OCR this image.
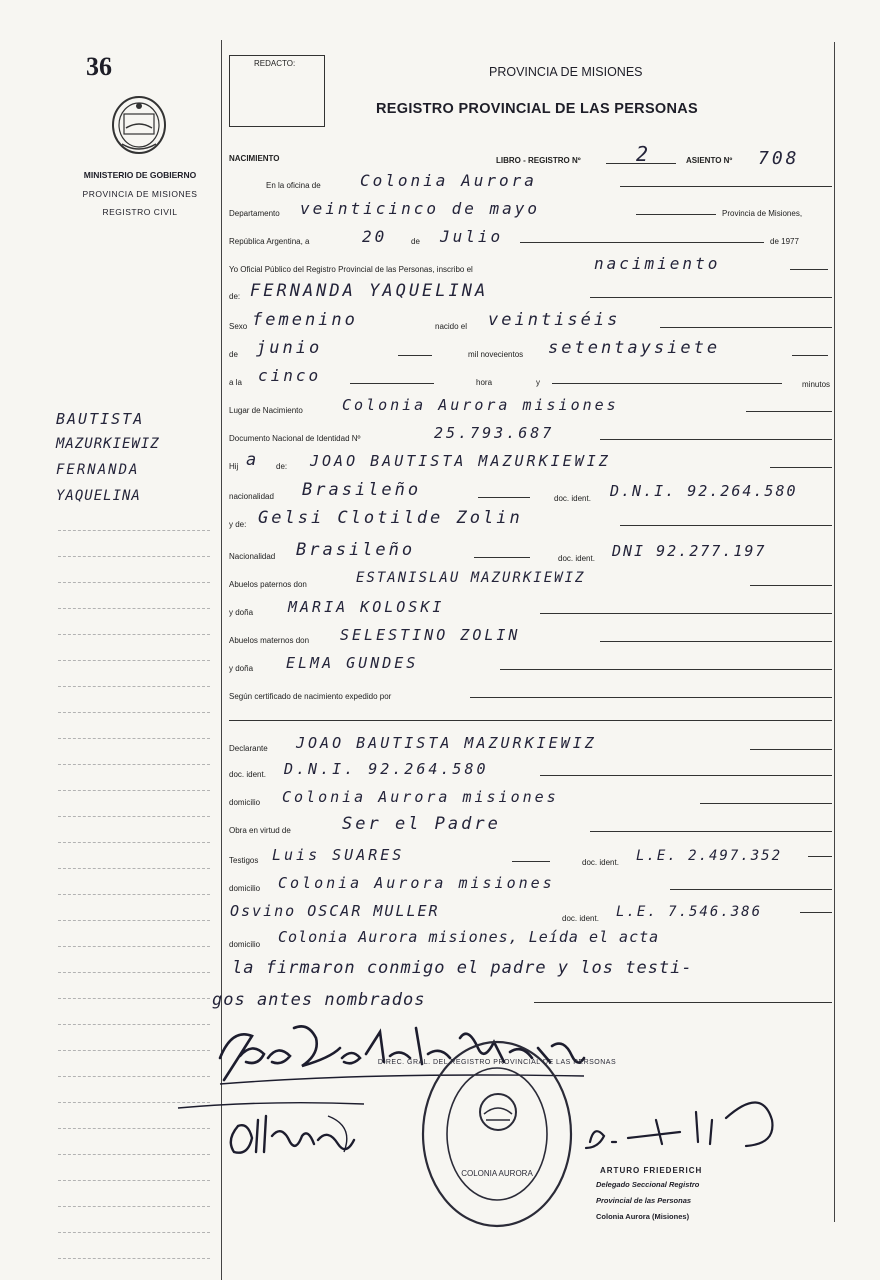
36
MINISTERIO DE GOBIERNO
PROVINCIA DE MISIONES
REGISTRO CIVIL
BAUTISTA
MAZURKIEWIZ
FERNANDA
YAQUELINA
REDACTO:
PROVINCIA DE MISIONES
REGISTRO PROVINCIAL DE LAS PERSONAS
NACIMIENTO	LIBRO - REGISTRO Nº	2	ASIENTO Nº 708
En la oficina de Colonia Aurora
Departamento veinticinco de mayo	Provincia de Misiones,
República Argentina, a	20	de Julio	de 1977
Yo Oficial Público del Registro Provincial de las Personas, inscribo el	nacimiento
de: FERNANDA YAQUELINA
Sexo femenino	nacido el veintiséis
de junio	mil novecientos setentaysiete
a la cinco	hora	y	minutos
Lugar de Nacimiento	Colonia Aurora misiones
Documento Nacional de Identidad Nº	25.793.687
Hij a de: JOAO BAUTISTA MAZURKIEWIZ
nacionalidad Brasileño	doc. ident. D.N.I. 92.264.580
y de: Gelsi Clotilde Zolin
Nacionalidad Brasileño	doc. ident. DNI 92.277.197
Abuelos paternos don	ESTANISLAU MAZURKIEWIZ
y doña MARIA KOLOSKI
Abuelos maternos don SELESTINO ZOLIN
y doña ELMA GUNDES
Según certificado de nacimiento expedido por
Declarante JOAO BAUTISTA MAZURKIEWIZ
doc. ident. D.N.I. 92.264.580
domicilio Colonia Aurora misiones
Obra en virtud de	Ser el Padre
Testigos Luis SUARES	doc. ident. L.E. 2.497.352
domicilio Colonia Aurora misiones
Osvino OSCAR MULLER	doc. ident. L.E. 7.546.386
domicilio Colonia Aurora misiones, Leída el acta
la firmaron conmigo el padre y los testi-
gos antes nombrados
DIREC. GRAL. DEL REGISTRO PROVINCIAL DE LAS PERSONAS
COLONIA AURORA	ARTURO FRIEDERICH
Delegado Seccional Registro
Provincial de las Personas
Colonia Aurora (Misiones)
